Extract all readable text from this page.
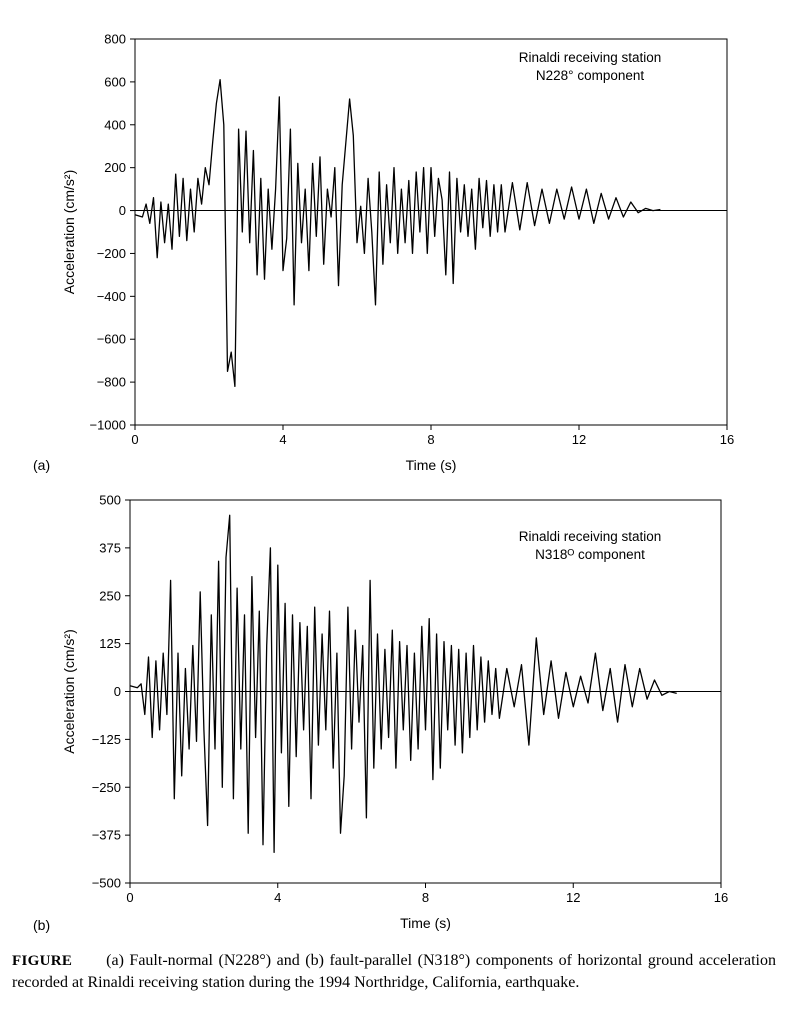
−1000
−800
−600
−400
−200
0
200
400
600
800
0	4	8	12	16
Time (s)
Acceleration (cm/s²)
(a)
Rinaldi receiving station
N228° component
−500
−375
−250
−125
0
125
250
375
500
0	4	8	12	16
Time (s)
Acceleration (cm/s²)
(b)
Rinaldi receiving station
N318ᴼ component
FIGURE (a) Fault-normal (N228°) and (b) fault-parallel (N318°) components of horizontal ground acceleration recorded at Rinaldi receiving station during the 1994 Northridge, California, earthquake.
